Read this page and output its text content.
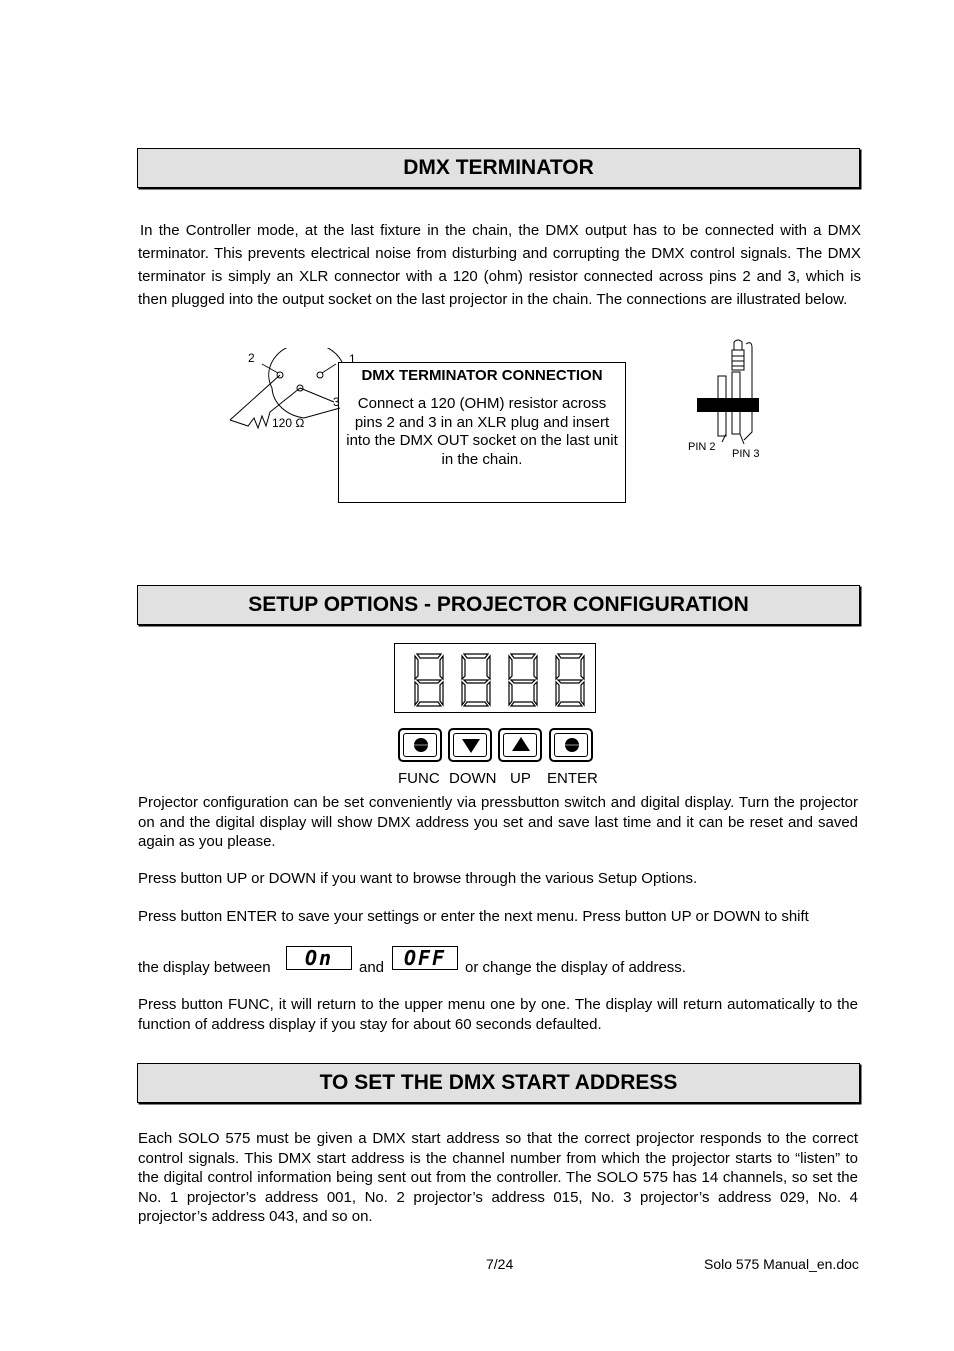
DMX TERMINATOR
In the Controller mode, at the last fixture in the chain, the DMX output has to be connected with a DMX terminator. This prevents electrical noise from disturbing and corrupting the DMX control signals. The DMX terminator is simply an XLR connector with a 120 (ohm) resistor connected across pins 2 and 3, which is then plugged into the output socket on the last projector in the chain. The connections are illustrated below.
2	1
3
120 Ω
DMX TERMINATOR CONNECTION
Connect a 120 (OHM) resistor across pins 2 and 3 in an XLR plug and insert into the DMX OUT socket on the last unit in the chain.
PIN 2
PIN 3
SETUP OPTIONS - PROJECTOR CONFIGURATION
FUNC DOWN UP ENTER
Projector configuration can be set conveniently via pressbutton switch and digital display. Turn the projector on and the digital display will show DMX address you set and save last time and it can be reset and saved again as you please.
Press button UP or DOWN if you want to browse through the various Setup Options.
Press button ENTER to save your settings or enter the next menu. Press button UP or DOWN to shift
the display between	On	and OFF	or change the display of address.
Press button FUNC, it will return to the upper menu one by one. The display will return automatically to the function of address display if you stay for about 60 seconds defaulted.
TO SET THE DMX START ADDRESS
Each SOLO 575 must be given a DMX start address so that the correct projector responds to the correct control signals. This DMX start address is the channel number from which the projector starts to “listen” to the digital control information being sent out from the controller. The SOLO 575 has 14 channels, so set the No. 1 projector’s address 001, No. 2 projector’s address 015, No. 3 projector’s address 029, No. 4 projector’s address 043, and so on.
7/24	Solo 575 Manual_en.doc
